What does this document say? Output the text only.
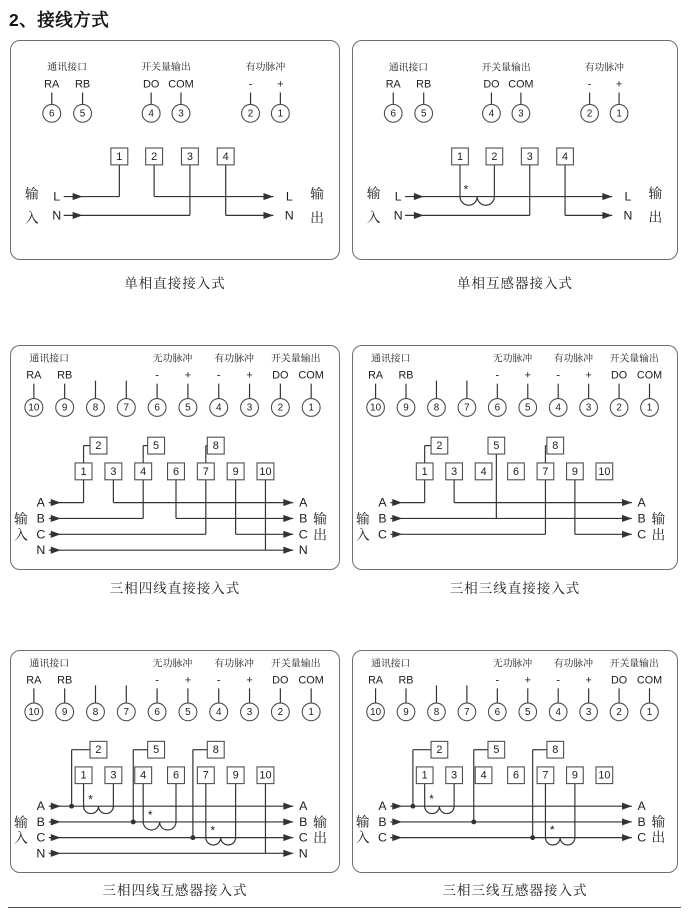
2、接线方式
通讯接口	开关量输出	有功脉冲
RA RB	DO COM	- +
1	2	3	4
6	5	4 3	2 1
L
N
L
N
输
入
输
出
通讯接口	开关量输出	有功脉冲
RA RB	DO COM	- +
*
1	2	3	4
6 5	4 3	2 1
L
N
L
N
输
入
输
出
通讯接口	无功脉冲 有功脉冲 开关量输出
RA RB	- + - + DO COM
A	A
B	B
C	C
N	N
2	5	8
1 3 4 6 7 9 10
10 9	8	7	6	5	4	3	2	1
输
入
输
出
通讯接口	无功脉冲 有功脉冲 开关量输出
RA RB	- + - + DO COM
A	A
B	B
C	C
2	5	8
1 3 4 6 7 9 10
10 9 8 7 6 5 4 3 2 1
输
入
输
出
通讯接口	无功脉冲 有功脉冲 开关量输出
RA RB	- + - + DO COM
*
*
*
A	A
B	B
C	C
N	N
2	5	8
1 3 4 6 7 9 10
10 9	8	7	6	5	4	3	2	1
输
入
输
出
通讯接口	无功脉冲 有功脉冲 开关量输出
RA RB	- + - + DO COM
*
*
A	A
B	B
C	C
2	5	8
1 3 4 6 7 9 10
10 9 8 7 6 5 4 3 2 1
输
入
输
出
单相直接接入式	单相互感器接入式
三相四线直接接入式	三相三线直接接入式
三相四线互感器接入式	三相三线互感器接入式
